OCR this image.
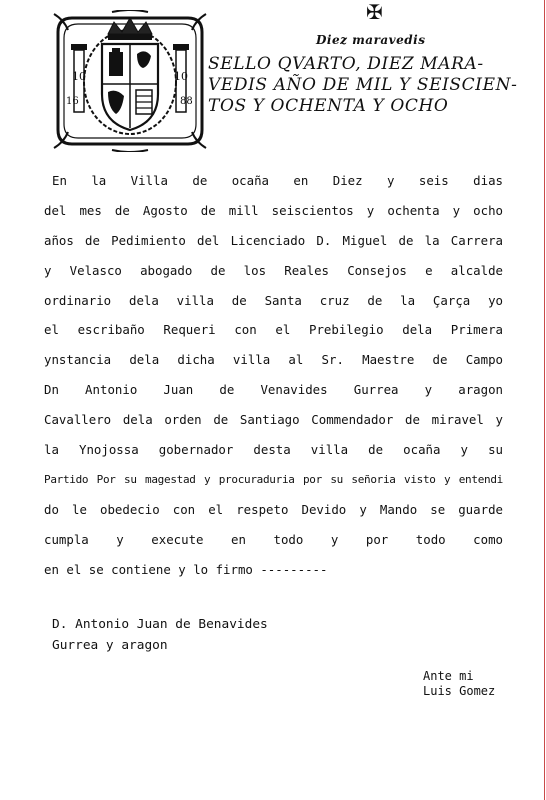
✠
10	10
16	88
Diez maravedis
SELLO QVARTO, DIEZ MARA-
VEDIS AÑO DE MIL Y SEISCIEN-
TOS Y OCHENTA Y OCHO
En la Villa de ocaña en Diez y seis dias
del mes de Agosto de mill seiscientos y ochenta y ocho
años de Pedimiento del Licenciado D. Miguel de la Carrera
y Velasco abogado de los Reales Consejos e alcalde
ordinario dela villa de Santa cruz de la Çarça yo
el escribaño Requeri con el Prebilegio dela Primera
ynstancia dela dicha villa al Sr. Maestre de Campo
Dn Antonio Juan de Venavides Gurrea y aragon
Cavallero dela orden de Santiago Commendador de miravel y
la Ynojossa gobernador desta villa de ocaña y su
Partido Por su magestad y procuraduria por su señoria visto y entendi
do le obedecio con el respeto Devido y Mando se guarde
cumpla y execute en todo y por todo como
en el se contiene y lo firmo ---------
D. Antonio Juan de Benavides
Gurrea y aragon
Ante mi
Luis Gomez
